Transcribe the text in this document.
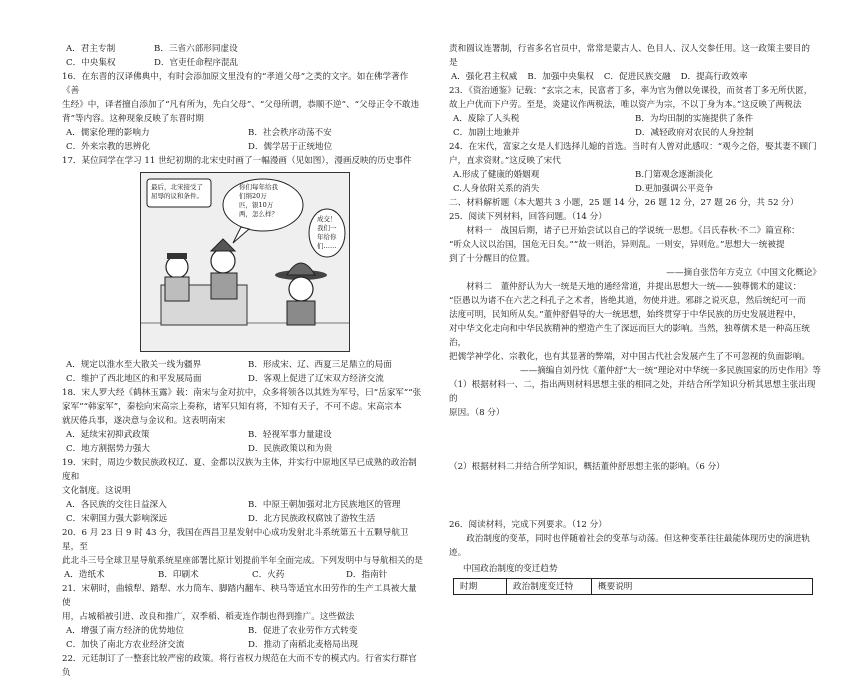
A．君主专制	B．三省六部形同虚设
C．中央集权	D．官吏任命程序混乱

16．在东晋的汉译佛典中，有时会添加原文里没有的“孝道父母”之类的文字。如在佛学著作《善

生经》中，译者擅自添加了“凡有所为，先白父母”、“父母所谓，恭顺不逆”、“父母正令不敢违

背”等内容。这种现象反映了东晋时期

A．儒家伦理的影响力	B．社会秩序动荡不安
C．外来宗教的思辨化	D．儒学居于正统地位

17．某位同学在学习 11 世纪初期的北宋史时画了一幅漫画（见如图），漫画反映的历史事件

最后，北宋接受了
屈辱的议和条件。
你们每年给我
们绢20万
匹，银10万
两，怎么样？
成交！
我们一
年给你
们……
A．规定以淮水至大散关一线为疆界	B．形成宋、辽、西夏三足鼎立的局面
C．维护了西北地区的和平发展局面	D．客观上促进了辽宋双方经济交流

18．宋人罗大经《鹤林玉露》载：南宋与金对抗中，众多将领各以其姓为军号，曰“岳家军”“张

家军”“韩家军”，秦桧向宋高宗上奏称，诸军只知有将，不知有天子，不可不虑。宋高宗本

就厌倦兵事，遂决意与金议和。这表明南宋

A．延续宋初抑武政策	B．轻视军事力量建设
C．地方割据势力强大	D．民族政策以和为贵

19．宋时，周边少数民族政权辽、夏、金都以汉族为主体，并实行中原地区早已成熟的政治制度和

文化制度。这说明

A．各民族的交往日益深入	B．中原王朝加强对北方民族地区的管理
C．宋朝国力强大影响深远	D．北方民族政权腐蚀了游牧生活

20．6 月 23 日 9 时 43 分，我国在西昌卫星发射中心成功发射北斗系统第五十五颗导航卫星，至

此北斗三号全球卫星导航系统星座部署比原计划提前半年全面完成。下列发明中与导航相关的是

A．造纸术	B．印刷术	C．火药	D．指南针

21．宋朝时，曲辕犁、踏犁、水力筒车、脚踏内翻车、秧马等适宜水田劳作的生产工具被大量使

用，占城稻被引进、改良和推广，双季稻、稻麦连作制也得到推广。这些做法

A．增强了南方经济的优势地位	B．促进了农业劳作方式转变
C．加快了南北方农业经济交流	D．推动了南稻北麦格局出现

22．元廷制订了一整套比较严密的政策。将行省权力规范在大而不专的模式内。行省实行群官负

责和圆议连署制，行省多名官员中，常常是蒙古人、色目人、汉人交参任用。这一政策主要目的

是

A．强化君主权威 B．加强中央集权 C．促进民族交融 D．提高行政效率

23．《资治通鉴》记载：“玄宗之末，民富者丁多，率为官为僧以免课役，而贫者丁多无所伏匿，

故上户优而下户劳。至是，炎建议作两税法，唯以资产为宗，不以丁身为本。”这反映了两税法

A．废除了人头税	B．为均田制的实施提供了条件
C．加剧土地兼并	D．减轻政府对农民的人身控制

24．在宋代，富家之女是人们选择儿媳的首选。当时有人曾对此感叹：“观今之俗，娶其妻不顾门

户，直求资财。”这反映了宋代

A.形成了健康的婚姻观	B.门第观念逐渐淡化
C.人身依附关系的消失	D.更加强调公平竞争

二、材料解析题（本大题共 3 小题，25 题 14 分，26 题 12 分，27 题 26 分，共 52 分）

25．阅读下列材料，回答问题。（14 分）

材料一　战国后期，诸子已开始尝试以自己的学说统一思想。《吕氏春秋·不二》篇宣称：

“听众人议以治国，国危无日矣。”“故一则治，异则乱。一则安，异则危。”思想大一统被提

到了十分醒目的位置。

——摘自张岱年方克立《中国文化概论》

材料二　董仲舒认为大一统是天地的通经常道，并提出思想大一统——独尊儒术的建议：

“臣愚以为诸不在六艺之科孔子之术者，皆绝其道，勿使并进。邪辟之说灭息，然后统纪可一而

法度可明，民知所从矣。”董仲舒倡导的大一统思想，始终贯穿于中华民族的历史发展进程中，

对中华文化走向和中华民族精神的塑造产生了深远而巨大的影响。当然，独尊儒术是一种高压统治，

把儒学神学化、宗教化，也有其显著的弊端，对中国古代社会发展产生了不可忽视的负面影响。

——摘编自刘丹忱《董仲舒“大一统”理论对中华统一多民族国家的历史作用》等

（1）根据材料一、二，指出两则材料思想主张的相同之处，并结合所学知识分析其思想主张出现的

原因。（8 分）

（2）根据材料二并结合所学知识，概括董仲舒思想主张的影响。（6 分）

26．阅读材料，完成下列要求。（12 分）

政治制度的变革，同时也伴随着社会的变革与动荡。但这种变革往往最能体现历史的演进轨

迹。

中国政治制度的变迁趋势

时期	政治制度变迁特	概要说明
